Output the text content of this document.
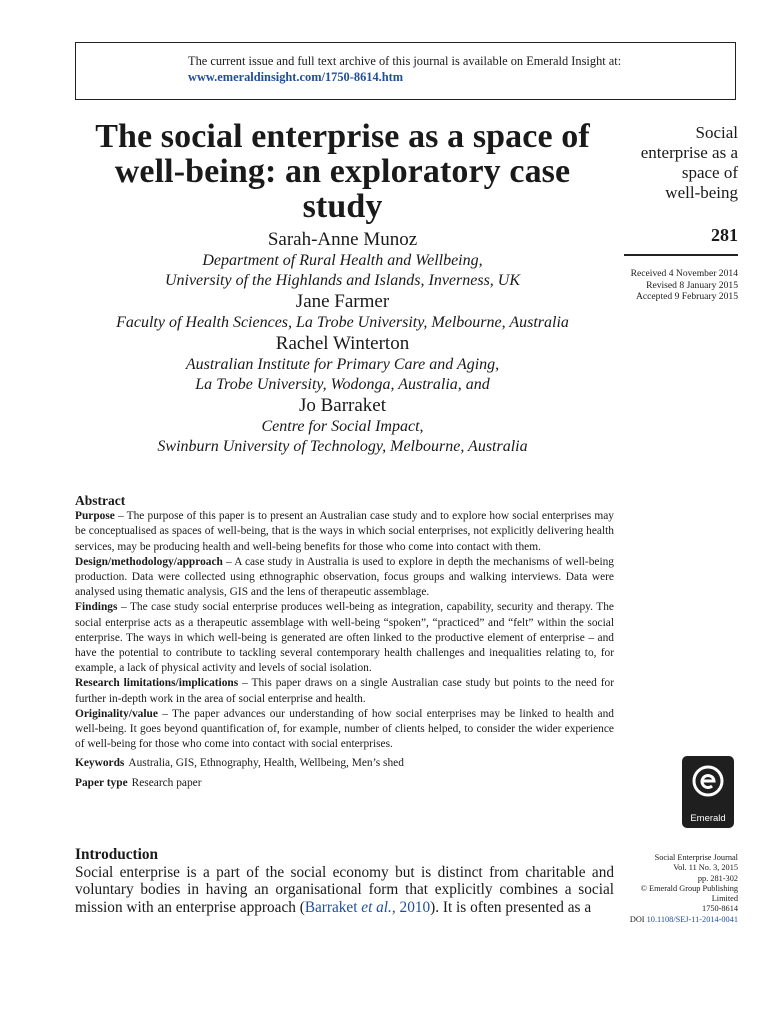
The current issue and full text archive of this journal is available on Emerald Insight at:
www.emeraldinsight.com/1750-8614.htm
The social enterprise as a space of well-being: an exploratory case study
Social
enterprise as a
space of
well-being
281
Received 4 November 2014
Revised 8 January 2015
Accepted 9 February 2015
Sarah-Anne Munoz
Department of Rural Health and Wellbeing,
University of the Highlands and Islands, Inverness, UK
Jane Farmer
Faculty of Health Sciences, La Trobe University, Melbourne, Australia
Rachel Winterton
Australian Institute for Primary Care and Aging,
La Trobe University, Wodonga, Australia, and
Jo Barraket
Centre for Social Impact,
Swinburn University of Technology, Melbourne, Australia
Abstract

Purpose – The purpose of this paper is to present an Australian case study and to explore how social enterprises may be conceptualised as spaces of well-being, that is the ways in which social enterprises, not explicitly delivering health services, may be producing health and well-being benefits for those who come into contact with them.

Design/methodology/approach – A case study in Australia is used to explore in depth the mechanisms of well-being production. Data were collected using ethnographic observation, focus groups and walking interviews. Data were analysed using thematic analysis, GIS and the lens of therapeutic assemblage.

Findings – The case study social enterprise produces well-being as integration, capability, security and therapy. The social enterprise acts as a therapeutic assemblage with well-being “spoken”, “practiced” and “felt” within the social enterprise. The ways in which well-being is generated are often linked to the productive element of enterprise – and have the potential to contribute to tackling several contemporary health challenges and inequalities relating to, for example, a lack of physical activity and levels of social isolation.

Research limitations/implications – This paper draws on a single Australian case study but points to the need for further in-depth work in the area of social enterprise and health.

Originality/value – The paper advances our understanding of how social enterprises may be linked to health and well-being. It goes beyond quantification of, for example, number of clients helped, to consider the wider experience of well-being for those who come into contact with social enterprises.

Keywords Australia, GIS, Ethnography, Health, Wellbeing, Men’s shed

Paper type Research paper

Emerald
Introduction

Social enterprise is a part of the social economy but is distinct from charitable and voluntary bodies in having an organisational form that explicitly combines a social mission with an enterprise approach (Barraket et al., 2010). It is often presented as a

Social Enterprise Journal
Vol. 11 No. 3, 2015
pp. 281-302
© Emerald Group Publishing Limited
1750-8614
DOI 10.1108/SEJ-11-2014-0041
